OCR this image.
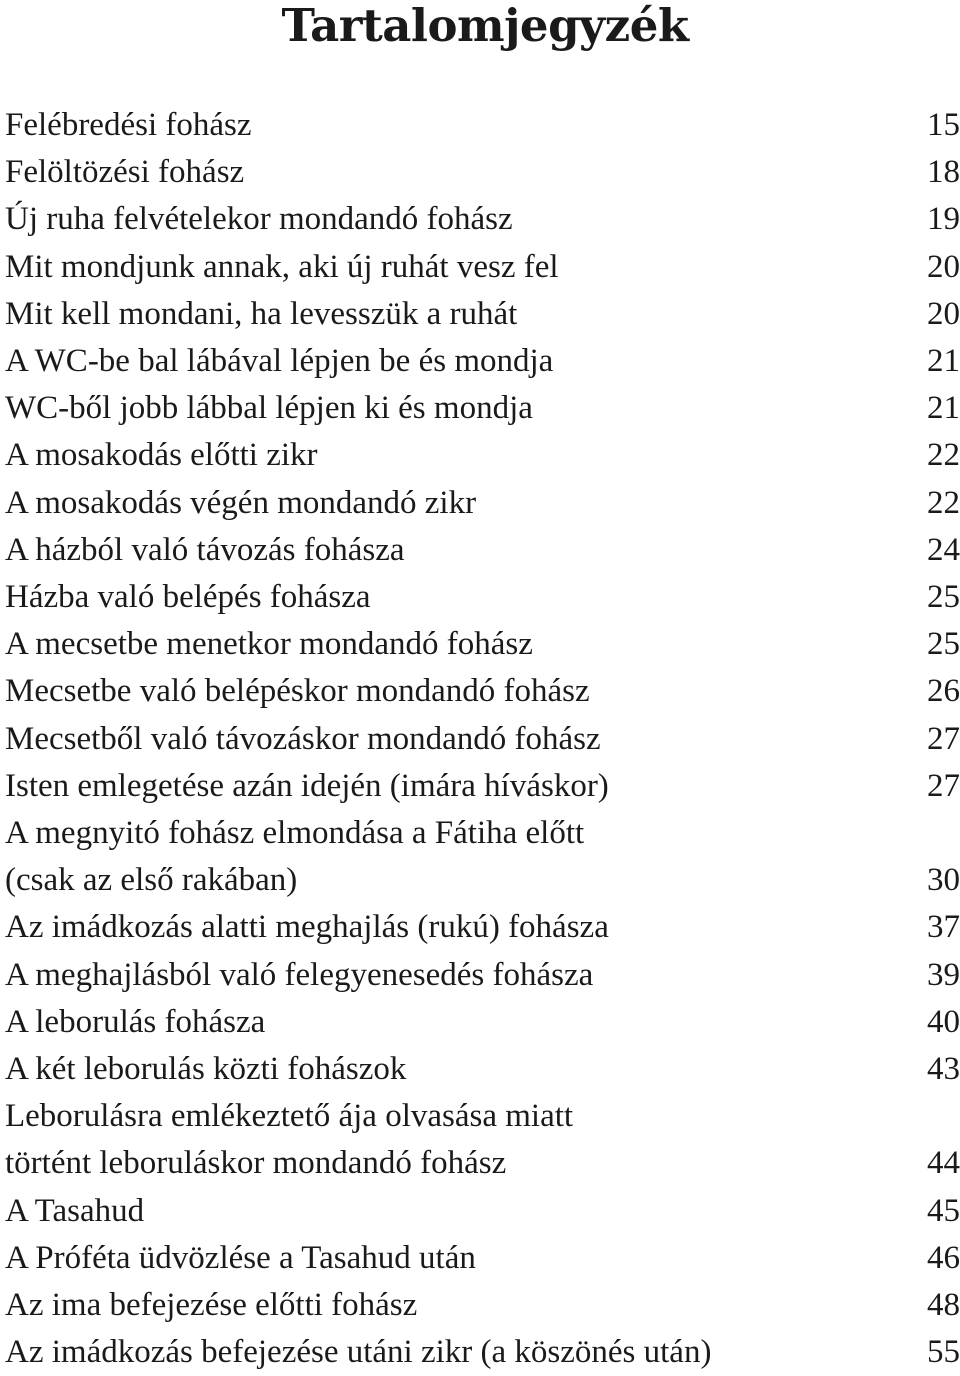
Tartalomjegyzék
Felébredési fohász	15
Felöltözési fohász	18
Új ruha felvételekor mondandó fohász	19
Mit mondjunk annak, aki új ruhát vesz fel	20
Mit kell mondani, ha levesszük a ruhát	20
A WC-be bal lábával lépjen be és mondja	21
WC-ből jobb lábbal lépjen ki és mondja	21
A mosakodás előtti zikr	22
A mosakodás végén mondandó zikr	22
A házból való távozás fohásza	24
Házba való belépés fohásza	25
A mecsetbe menetkor mondandó fohász	25
Mecsetbe való belépéskor mondandó fohász	26
Mecsetből való távozáskor mondandó fohász	27
Isten emlegetése azán idején (imára híváskor)	27
A megnyitó fohász elmondása a Fátiha előtt
(csak az első rakában)	30
Az imádkozás alatti meghajlás (rukú) fohásza	37
A meghajlásból való felegyenesedés fohásza	39
A leborulás fohásza	40
A két leborulás közti fohászok	43
Leborulásra emlékeztető ája olvasása miatt
történt leboruláskor mondandó fohász	44
A Tasahud	45
A Próféta üdvözlése a Tasahud után	46
Az ima befejezése előtti fohász	48
Az imádkozás befejezése utáni zikr (a köszönés után)	55
